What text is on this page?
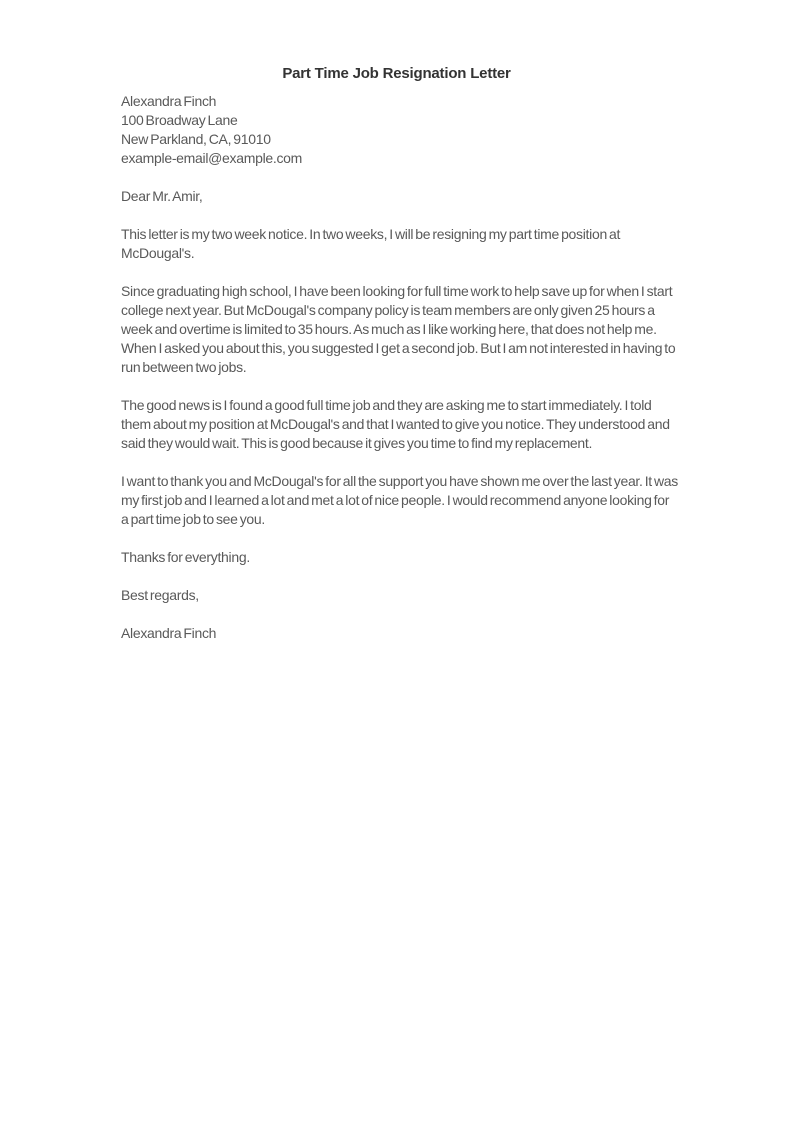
Part Time Job Resignation Letter
Alexandra Finch
100 Broadway Lane
New Parkland, CA, 91010
example-email@example.com

Dear Mr. Amir,

This letter is my two week notice. In two weeks, I will be resigning my part time position at McDougal's.

Since graduating high school, I have been looking for full time work to help save up for when I start college next year. But McDougal's company policy is team members are only given 25 hours a week and overtime is limited to 35 hours. As much as I like working here, that does not help me. When I asked you about this, you suggested I get a second job. But I am not interested in having to run between two jobs.

The good news is I found a good full time job and they are asking me to start immediately. I told them about my position at McDougal's and that I wanted to give you notice. They understood and said they would wait. This is good because it gives you time to find my replacement.

I want to thank you and McDougal's for all the support you have shown me over the last year. It was my first job and I learned a lot and met a lot of nice people. I would recommend anyone looking for a part time job to see you.

Thanks for everything.

Best regards,

Alexandra Finch
